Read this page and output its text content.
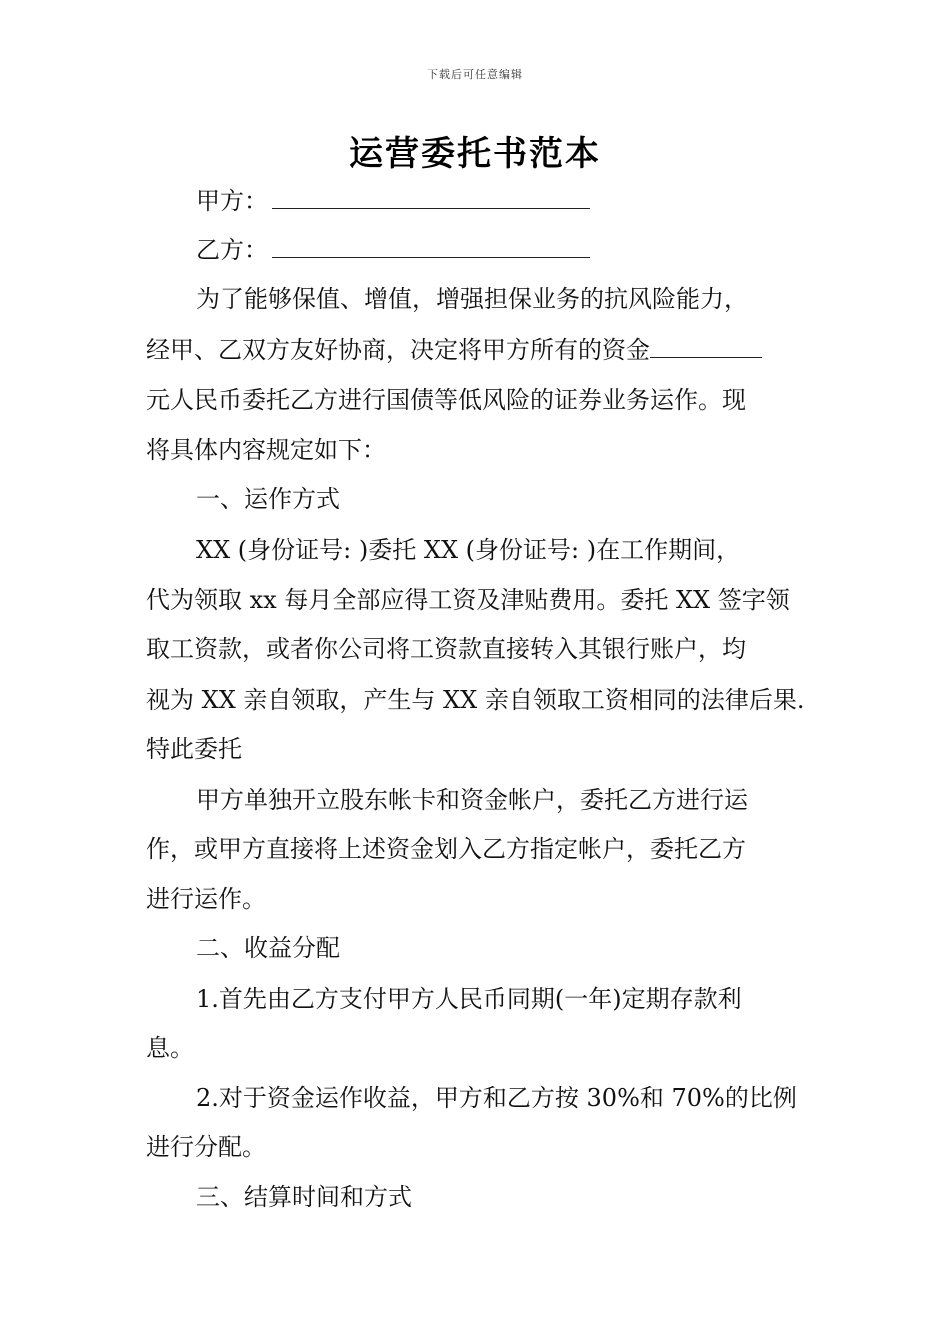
下载后可任意编辑
运营委托书范本
甲方：
乙方：
为了能够保值、增值，增强担保业务的抗风险能力，
经甲、乙双方友好协商，决定将甲方所有的资金
元人民币委托乙方进行国债等低风险的证券业务运作。现
将具体内容规定如下：
一、运作方式
XX (身份证号: )委托 XX (身份证号: )在工作期间，
代为领取 xx 每月全部应得工资及津贴费用。委托 XX 签字领
取工资款，或者你公司将工资款直接转入其银行账户，均
视为 XX 亲自领取，产生与 XX 亲自领取工资相同的法律后果.
特此委托
甲方单独开立股东帐卡和资金帐户，委托乙方进行运
作，或甲方直接将上述资金划入乙方指定帐户，委托乙方
进行运作。
二、收益分配
1.首先由乙方支付甲方人民币同期(一年)定期存款利
息。
2.对于资金运作收益，甲方和乙方按 30%和 70%的比例
进行分配。
三、结算时间和方式
